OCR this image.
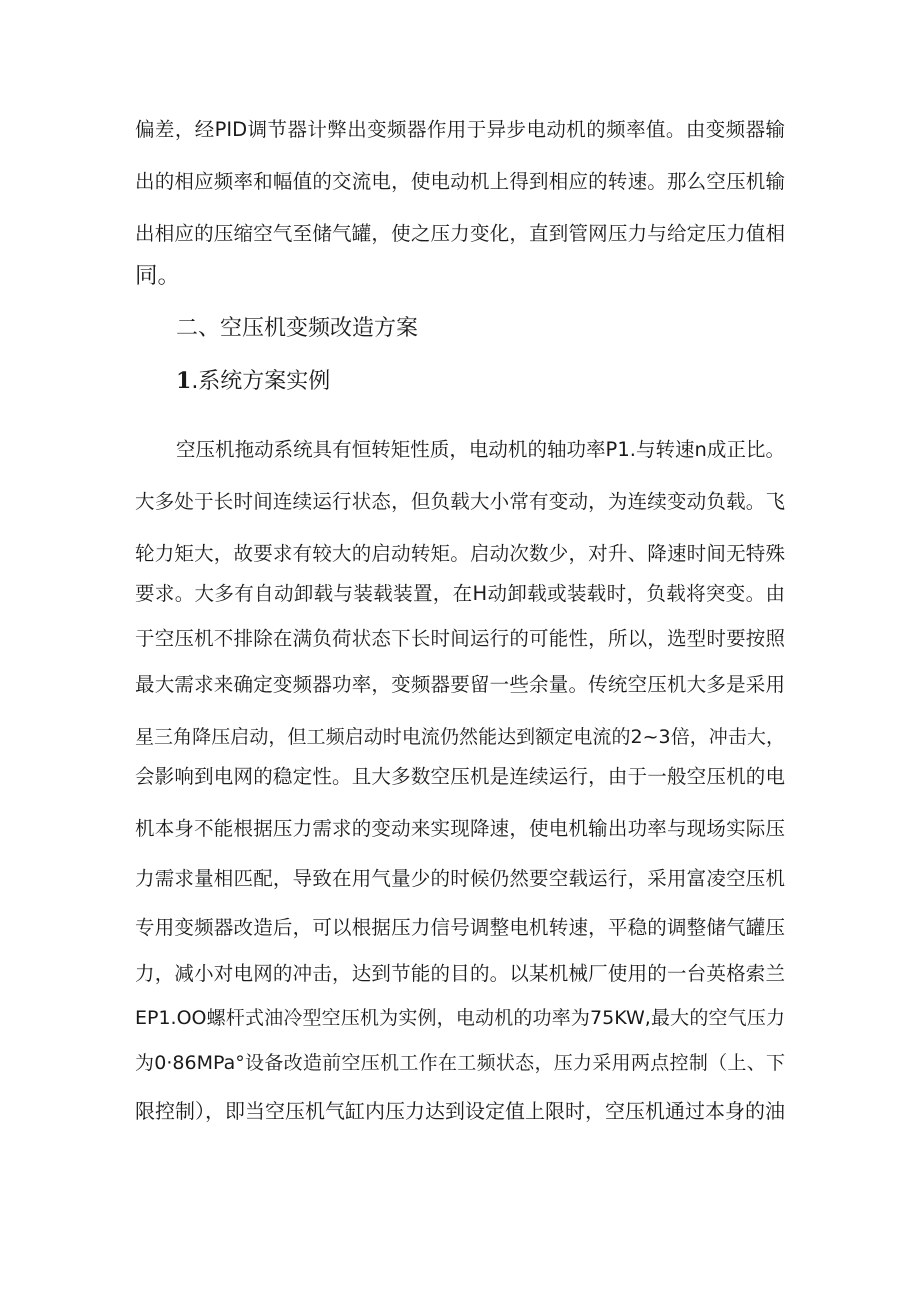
偏差，经PID调节器计弊出变频器作用于异步电动机的频率值。由变频器输
出的相应频率和幅值的交流电，使电动机上得到相应的转速。那么空压机输
出相应的压缩空气至储气罐，使之压力变化，直到管网压力与给定压力值相
同。
二、空压机变频改造方案
1.系统方案实例
空压机拖动系统具有恒转矩性质，电动机的轴功率P1.与转速n成正比。
大多处于长时间连续运行状态，但负载大小常有变动，为连续变动负载。飞
轮力矩大，故要求有较大的启动转矩。启动次数少，对升、降速时间无特殊
要求。大多有自动卸载与装载装置，在H动卸载或装载时，负载将突变。由
于空压机不排除在满负荷状态下长时间运行的可能性，所以，选型时要按照
最大需求来确定变频器功率，变频器要留一些余量。传统空压机大多是采用
星三角降压启动，但工频启动时电流仍然能达到额定电流的2~3倍，冲击大，
会影响到电网的稳定性。且大多数空压机是连续运行，由于一般空压机的电
机本身不能根据压力需求的变动来实现降速，使电机输出功率与现场实际压
力需求量相匹配，导致在用气量少的时候仍然要空载运行，采用富凌空压机
专用变频器改造后，可以根据压力信号调整电机转速，平稳的调整储气罐压
力，减小对电网的冲击，达到节能的目的。以某机械厂使用的一台英格索兰
EP1.OO螺杆式油冷型空压机为实例，电动机的功率为75KW,最大的空气压力
为0·86MPa°设备改造前空压机工作在工频状态，压力采用两点控制（上、下
限控制），即当空压机气缸内压力达到设定值上限时，空压机通过本身的油
